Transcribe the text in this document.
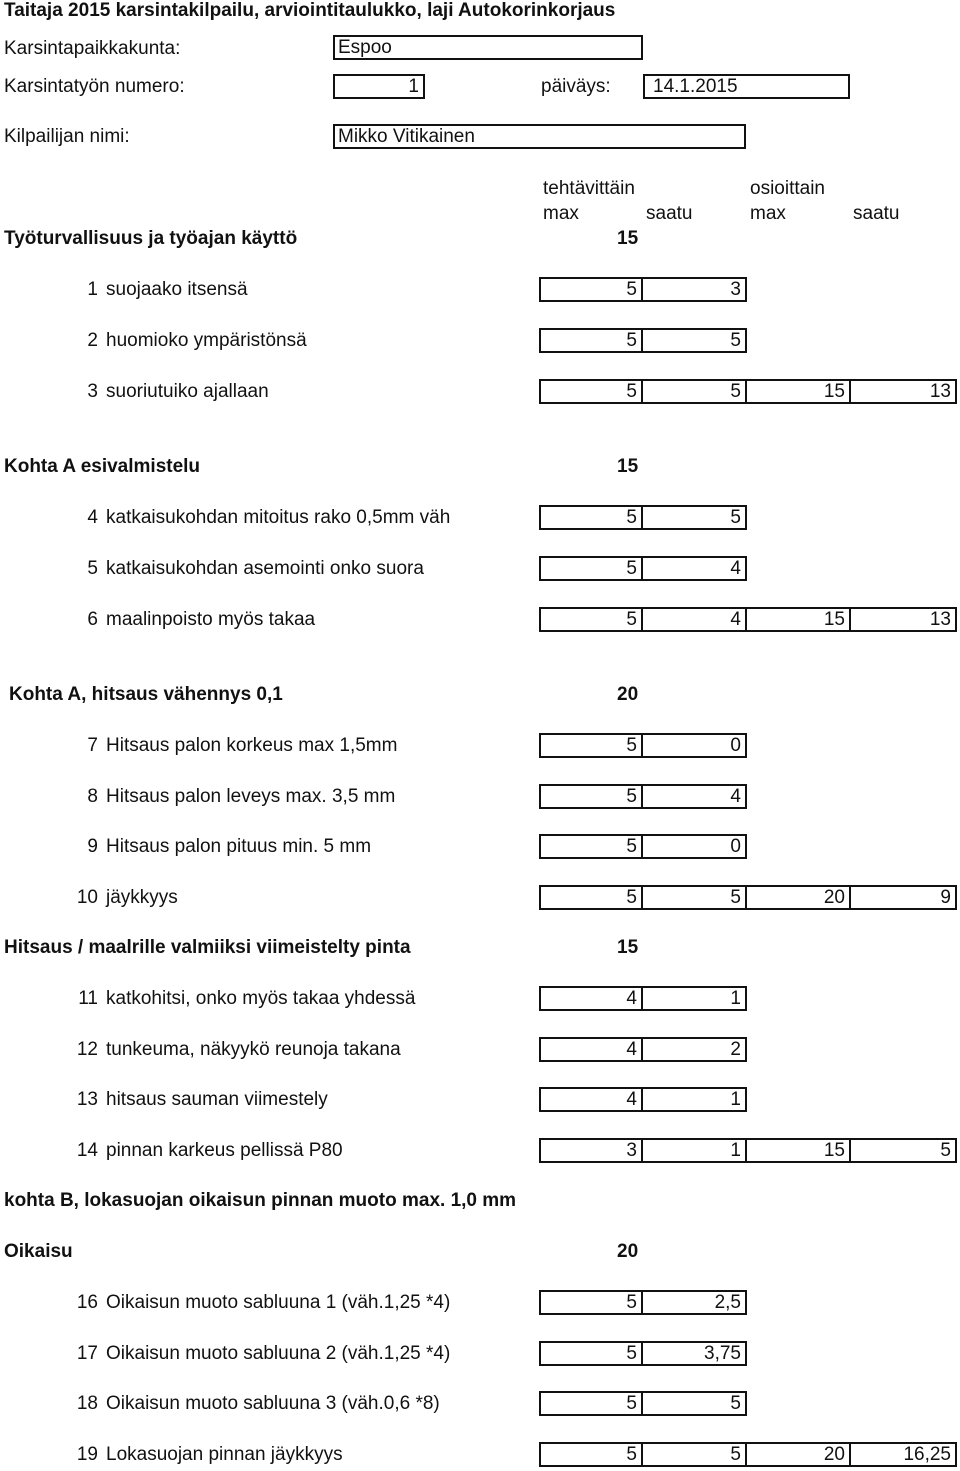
Taitaja 2015 karsintakilpailu, arviointitaulukko, laji Autokorinkorjaus
Karsintapaikkakunta:	Espoo
Karsintatyön numero:	1	päiväys: 14.1.2015
Kilpailijan nimi:	Mikko Vitikainen
tehtävittäin	osioittain
max	saatu	max	saatu
Työturvallisuus ja työajan käyttö	15
1 suojaako itsensä	5	3
2 huomioko ympäristönsä	5	5
3 suoriutuiko ajallaan	5	5	15	13
Kohta A esivalmistelu	15
4 katkaisukohdan mitoitus rako 0,5mm väh	5	5
5 katkaisukohdan asemointi onko suora	5	4
6 maalinpoisto myös takaa	5	4	15	13
Kohta A, hitsaus vähennys 0,1	20
7 Hitsaus palon korkeus max 1,5mm	5	0
8 Hitsaus palon leveys max. 3,5 mm	5	4
9 Hitsaus palon pituus min. 5 mm	5	0
10 jäykkyys	5	5	20	9
Hitsaus / maalrille valmiiksi viimeistelty pinta	15
11 katkohitsi, onko myös takaa yhdessä	4	1
12 tunkeuma, näkyykö reunoja takana	4	2
13 hitsaus sauman viimestely	4	1
14 pinnan karkeus pellissä P80	3	1	15	5
kohta B, lokasuojan oikaisun pinnan muoto max. 1,0 mm
Oikaisu	20
16 Oikaisun muoto sabluuna 1 (väh.1,25 *4)	5	2,5
17 Oikaisun muoto sabluuna 2 (väh.1,25 *4)	5	3,75
18 Oikaisun muoto sabluuna 3 (väh.0,6 *8)	5	5
19 Lokasuojan pinnan jäykkyys	5	5	20	16,25
